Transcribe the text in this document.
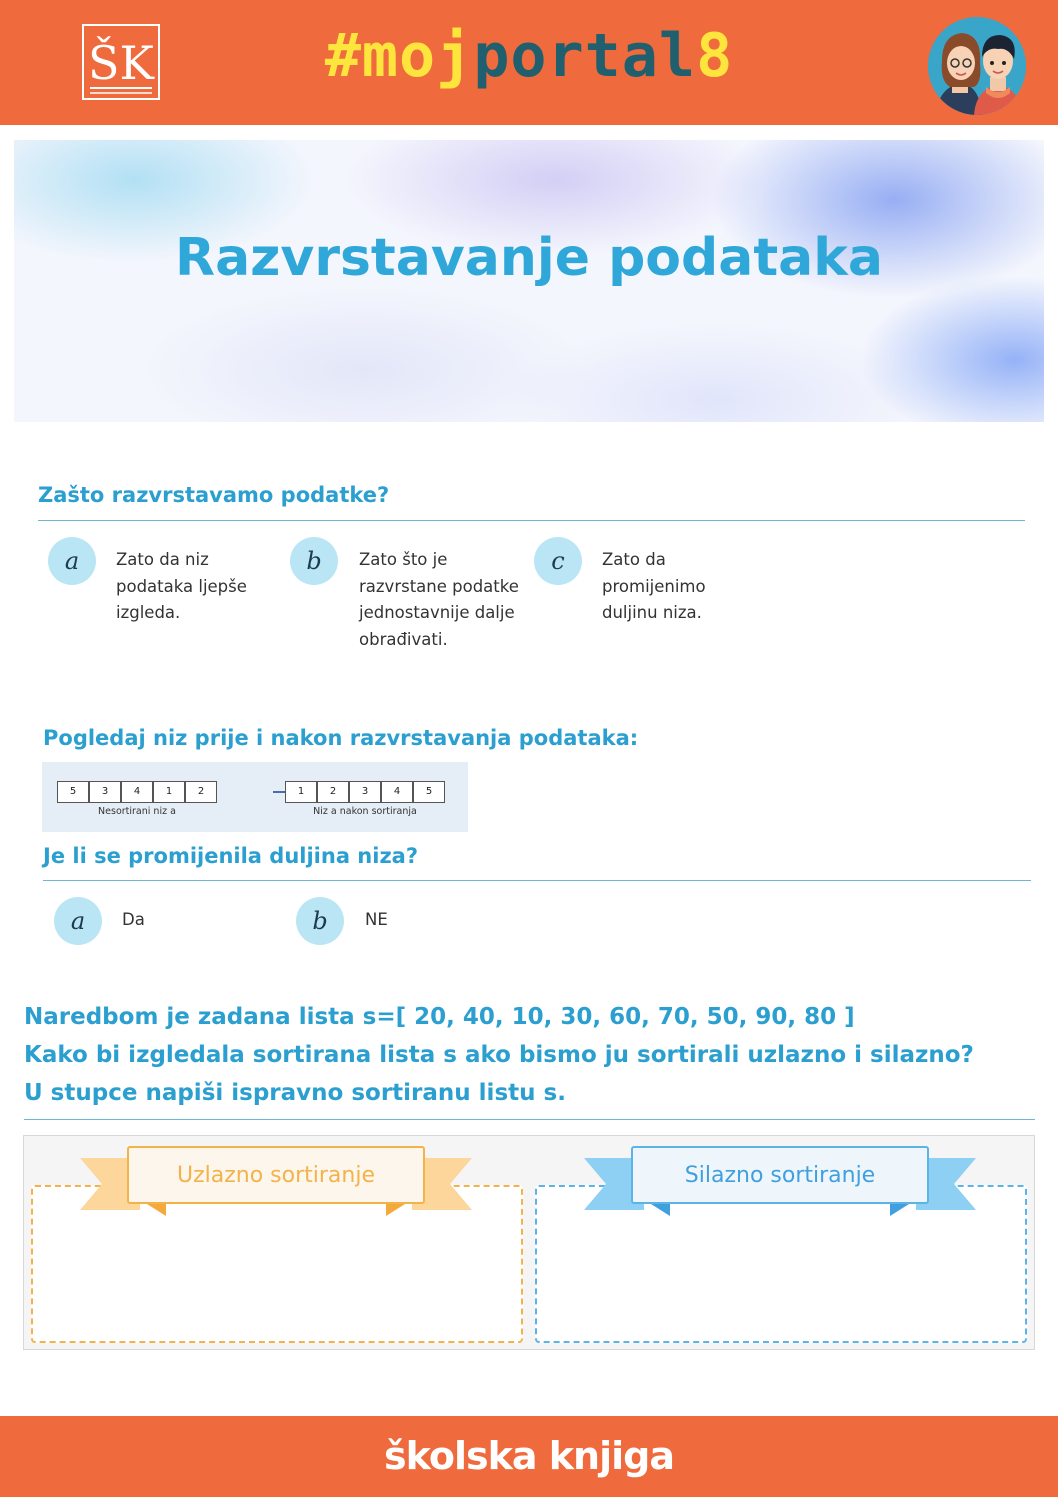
ŠK	#mojportal8
Razvrstavanje podataka
Zašto razvrstavamo podatke?
a	Zato da niz podataka ljepše izgleda.
b	Zato što je razvrstane podatke jednostavnije dalje obrađivati.
c	Zato da promijenimo duljinu niza.
Pogledaj niz prije i nakon razvrstavanja podataka:
5	3	4	1	2
Nesortirani niz a
1	2	3	4	5
Niz a nakon sortiranja
Je li se promijenila duljina niza?
a	Da	b	NE
Naredbom je zadana lista s=[ 20, 40, 10, 30, 60, 70, 50, 90, 80 ]
Kako bi izgledala sortirana lista s ako bismo ju sortirali uzlazno i silazno?
U stupce napiši ispravno sortiranu listu s.
Uzlazno sortiranje	Silazno sortiranje
školska knjiga
